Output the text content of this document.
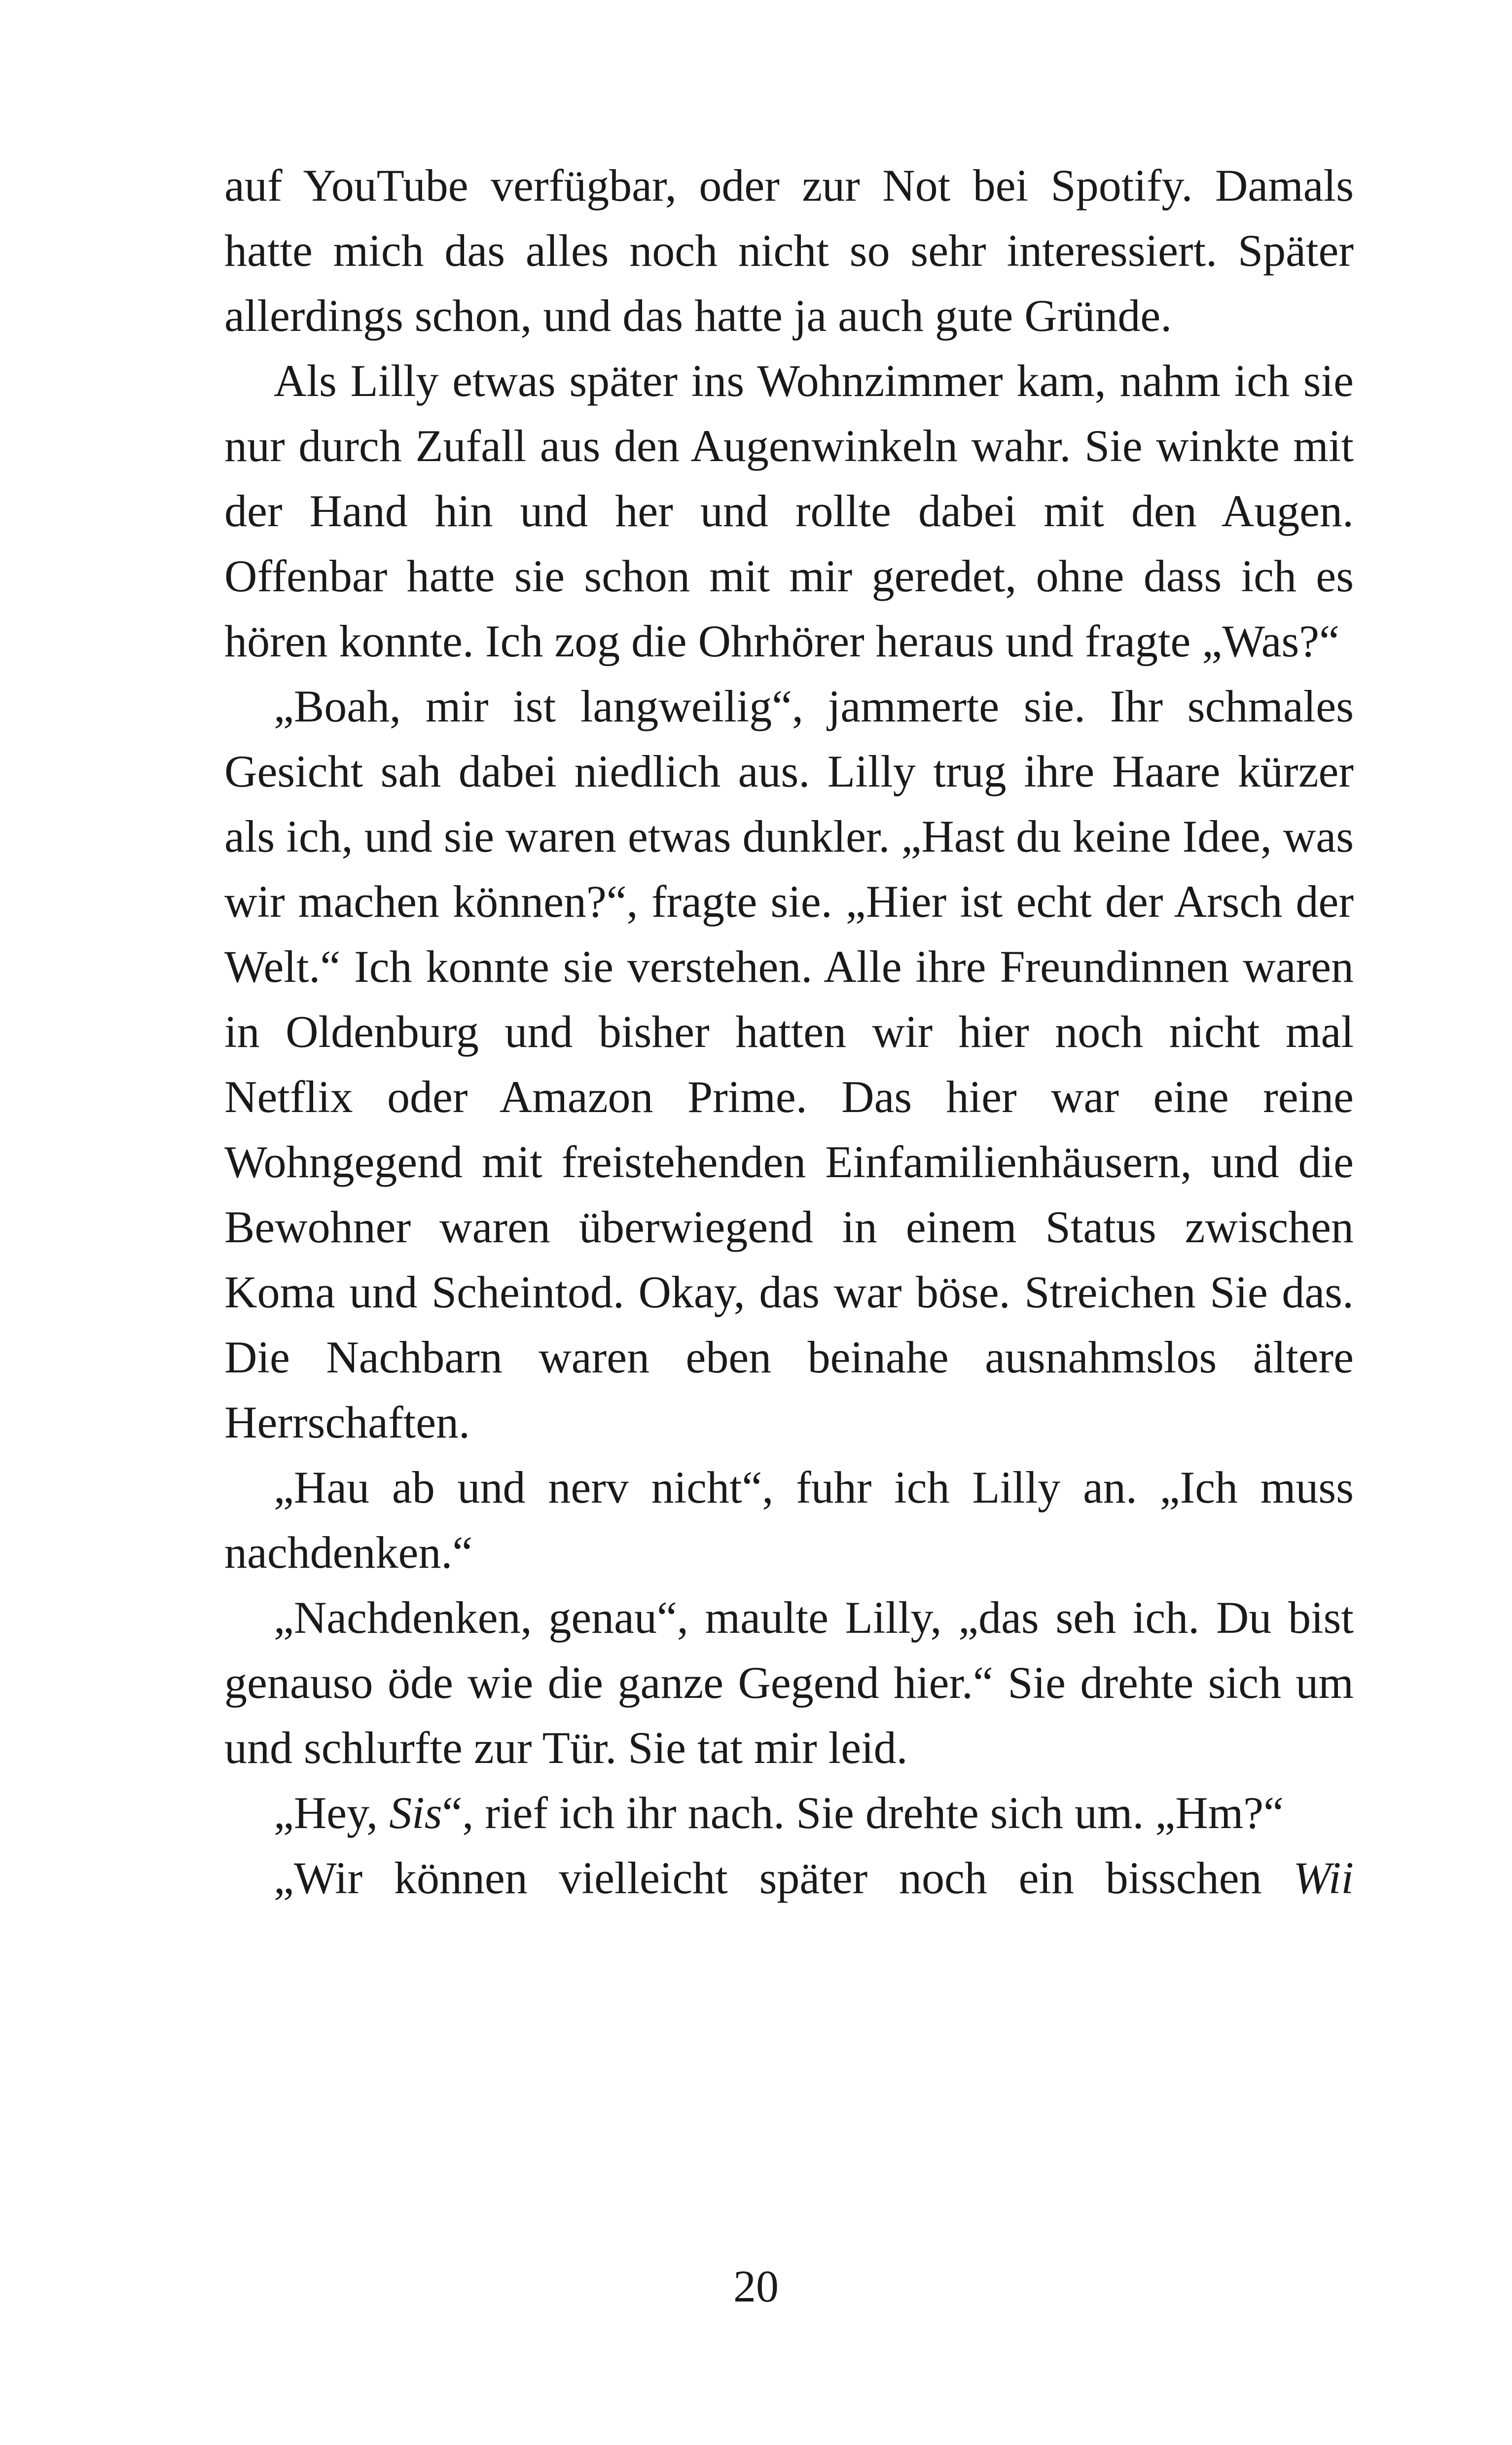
auf YouTube verfügbar, oder zur Not bei Spotify. Damals hatte mich das alles noch nicht so sehr interessiert. Später allerdings schon, und das hatte ja auch gute Gründe.

Als Lilly etwas später ins Wohnzimmer kam, nahm ich sie nur durch Zufall aus den Augenwinkeln wahr. Sie winkte mit der Hand hin und her und rollte dabei mit den Augen. Offenbar hatte sie schon mit mir geredet, ohne dass ich es hören konnte. Ich zog die Ohrhörer heraus und fragte „Was?“

„Boah, mir ist langweilig“, jammerte sie. Ihr schmales Gesicht sah dabei niedlich aus. Lilly trug ihre Haare kürzer als ich, und sie waren etwas dunkler. „Hast du keine Idee, was wir machen können?“, fragte sie. „Hier ist echt der Arsch der Welt.“ Ich konnte sie verstehen. Alle ihre Freundinnen waren in Oldenburg und bisher hatten wir hier noch nicht mal Netflix oder Amazon Prime. Das hier war eine reine Wohngegend mit freistehenden Einfamilienhäusern, und die Bewohner waren überwiegend in einem Status zwischen Koma und Scheintod. Okay, das war böse. Streichen Sie das. Die Nachbarn waren eben beinahe ausnahmslos ältere Herrschaften.

„Hau ab und nerv nicht“, fuhr ich Lilly an. „Ich muss nachdenken.“

„Nachdenken, genau“, maulte Lilly, „das seh ich. Du bist genauso öde wie die ganze Gegend hier.“ Sie drehte sich um und schlurfte zur Tür. Sie tat mir leid.

„Hey, Sis“, rief ich ihr nach. Sie drehte sich um. „Hm?“

„Wir können vielleicht später noch ein bisschen Wii

20
